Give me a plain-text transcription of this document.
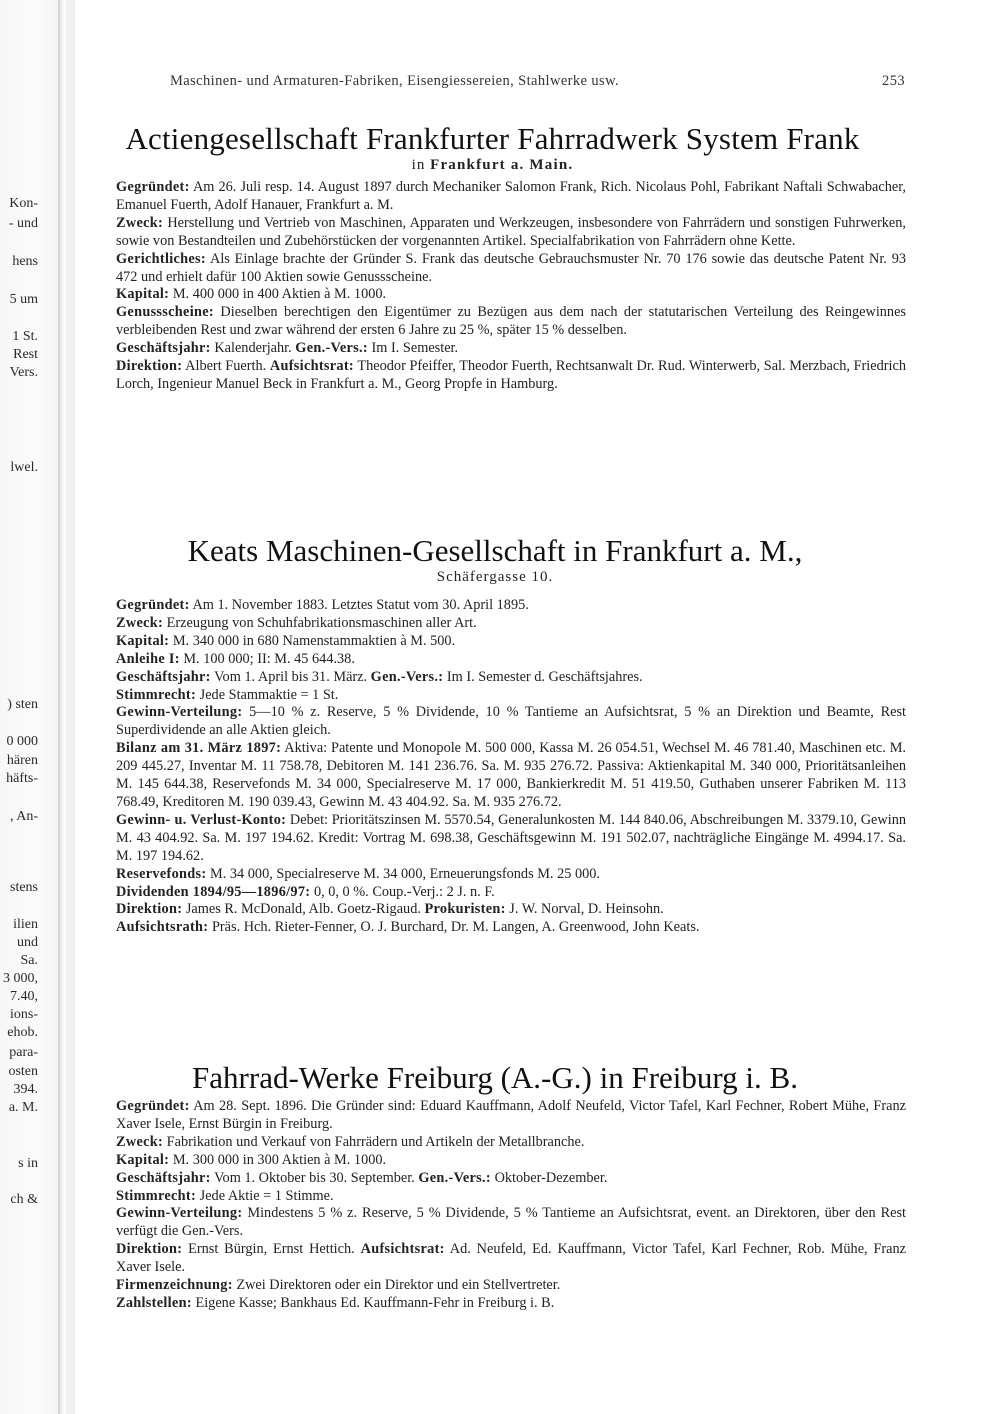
Kon-
- und
hens
5 um
1 St.
Rest
Vers.
lwel.
) sten
0 000
hären
häfts-
, An-
stens
ilien
und
Sa.
3 000,
7.40,
ions-
ehob.
para-
osten
394.
a. M.
s in
ch &
Maschinen- und Armaturen-Fabriken, Eisengiessereien, Stahlwerke usw.	253
Actiengesellschaft Frankfurter Fahrradwerk System Frank
in Frankfurt a. Main.

Gegründet: Am 26. Juli resp. 14. August 1897 durch Mechaniker Salomon Frank, Rich. Nicolaus Pohl, Fabrikant Naftali Schwabacher, Emanuel Fuerth, Adolf Hanauer, Frankfurt a. M.

Zweck: Herstellung und Vertrieb von Maschinen, Apparaten und Werkzeugen, insbesondere von Fahrrädern und sonstigen Fuhrwerken, sowie von Bestandteilen und Zubehörstücken der vorgenannten Artikel. Specialfabrikation von Fahrrädern ohne Kette.

Gerichtliches: Als Einlage brachte der Gründer S. Frank das deutsche Gebrauchsmuster Nr. 70 176 sowie das deutsche Patent Nr. 93 472 und erhielt dafür 100 Aktien sowie Genussscheine.

Kapital: M. 400 000 in 400 Aktien à M. 1000.

Genussscheine: Dieselben berechtigen den Eigentümer zu Bezügen aus dem nach der statutarischen Verteilung des Reingewinnes verbleibenden Rest und zwar während der ersten 6 Jahre zu 25 %, später 15 % desselben.

Geschäftsjahr: Kalenderjahr. Gen.-Vers.: Im I. Semester.

Direktion: Albert Fuerth. Aufsichtsrat: Theodor Pfeiffer, Theodor Fuerth, Rechtsanwalt Dr. Rud. Winterwerb, Sal. Merzbach, Friedrich Lorch, Ingenieur Manuel Beck in Frankfurt a. M., Georg Propfe in Hamburg.

Keats Maschinen-Gesellschaft in Frankfurt a. M.,
Schäfergasse 10.

Gegründet: Am 1. November 1883. Letztes Statut vom 30. April 1895.

Zweck: Erzeugung von Schuhfabrikationsmaschinen aller Art.

Kapital: M. 340 000 in 680 Namenstammaktien à M. 500.

Anleihe I: M. 100 000; II: M. 45 644.38.

Geschäftsjahr: Vom 1. April bis 31. März. Gen.-Vers.: Im I. Semester d. Geschäftsjahres.

Stimmrecht: Jede Stammaktie = 1 St.

Gewinn-Verteilung: 5—10 % z. Reserve, 5 % Dividende, 10 % Tantieme an Aufsichtsrat, 5 % an Direktion und Beamte, Rest Superdividende an alle Aktien gleich.

Bilanz am 31. März 1897: Aktiva: Patente und Monopole M. 500 000, Kassa M. 26 054.51, Wechsel M. 46 781.40, Maschinen etc. M. 209 445.27, Inventar M. 11 758.78, Debitoren M. 141 236.76. Sa. M. 935 276.72. Passiva: Aktienkapital M. 340 000, Prioritätsanleihen M. 145 644.38, Reservefonds M. 34 000, Specialreserve M. 17 000, Bankierkredit M. 51 419.50, Guthaben unserer Fabriken M. 113 768.49, Kreditoren M. 190 039.43, Gewinn M. 43 404.92. Sa. M. 935 276.72.

Gewinn- u. Verlust-Konto: Debet: Prioritätszinsen M. 5570.54, Generalunkosten M. 144 840.06, Abschreibungen M. 3379.10, Gewinn M. 43 404.92. Sa. M. 197 194.62. Kredit: Vortrag M. 698.38, Geschäftsgewinn M. 191 502.07, nachträgliche Eingänge M. 4994.17. Sa. M. 197 194.62.

Reservefonds: M. 34 000, Specialreserve M. 34 000, Erneuerungsfonds M. 25 000.

Dividenden 1894/95—1896/97: 0, 0, 0 %. Coup.-Verj.: 2 J. n. F.

Direktion: James R. McDonald, Alb. Goetz-Rigaud. Prokuristen: J. W. Norval, D. Heinsohn.

Aufsichtsrath: Präs. Hch. Rieter-Fenner, O. J. Burchard, Dr. M. Langen, A. Greenwood, John Keats.

Fahrrad-Werke Freiburg (A.-G.) in Freiburg i. B.

Gegründet: Am 28. Sept. 1896. Die Gründer sind: Eduard Kauffmann, Adolf Neufeld, Victor Tafel, Karl Fechner, Robert Mühe, Franz Xaver Isele, Ernst Bürgin in Freiburg.

Zweck: Fabrikation und Verkauf von Fahrrädern und Artikeln der Metallbranche.

Kapital: M. 300 000 in 300 Aktien à M. 1000.

Geschäftsjahr: Vom 1. Oktober bis 30. September. Gen.-Vers.: Oktober-Dezember.

Stimmrecht: Jede Aktie = 1 Stimme.

Gewinn-Verteilung: Mindestens 5 % z. Reserve, 5 % Dividende, 5 % Tantieme an Aufsichtsrat, event. an Direktoren, über den Rest verfügt die Gen.-Vers.

Direktion: Ernst Bürgin, Ernst Hettich. Aufsichtsrat: Ad. Neufeld, Ed. Kauffmann, Victor Tafel, Karl Fechner, Rob. Mühe, Franz Xaver Isele.

Firmenzeichnung: Zwei Direktoren oder ein Direktor und ein Stellvertreter.

Zahlstellen: Eigene Kasse; Bankhaus Ed. Kauffmann-Fehr in Freiburg i. B.
